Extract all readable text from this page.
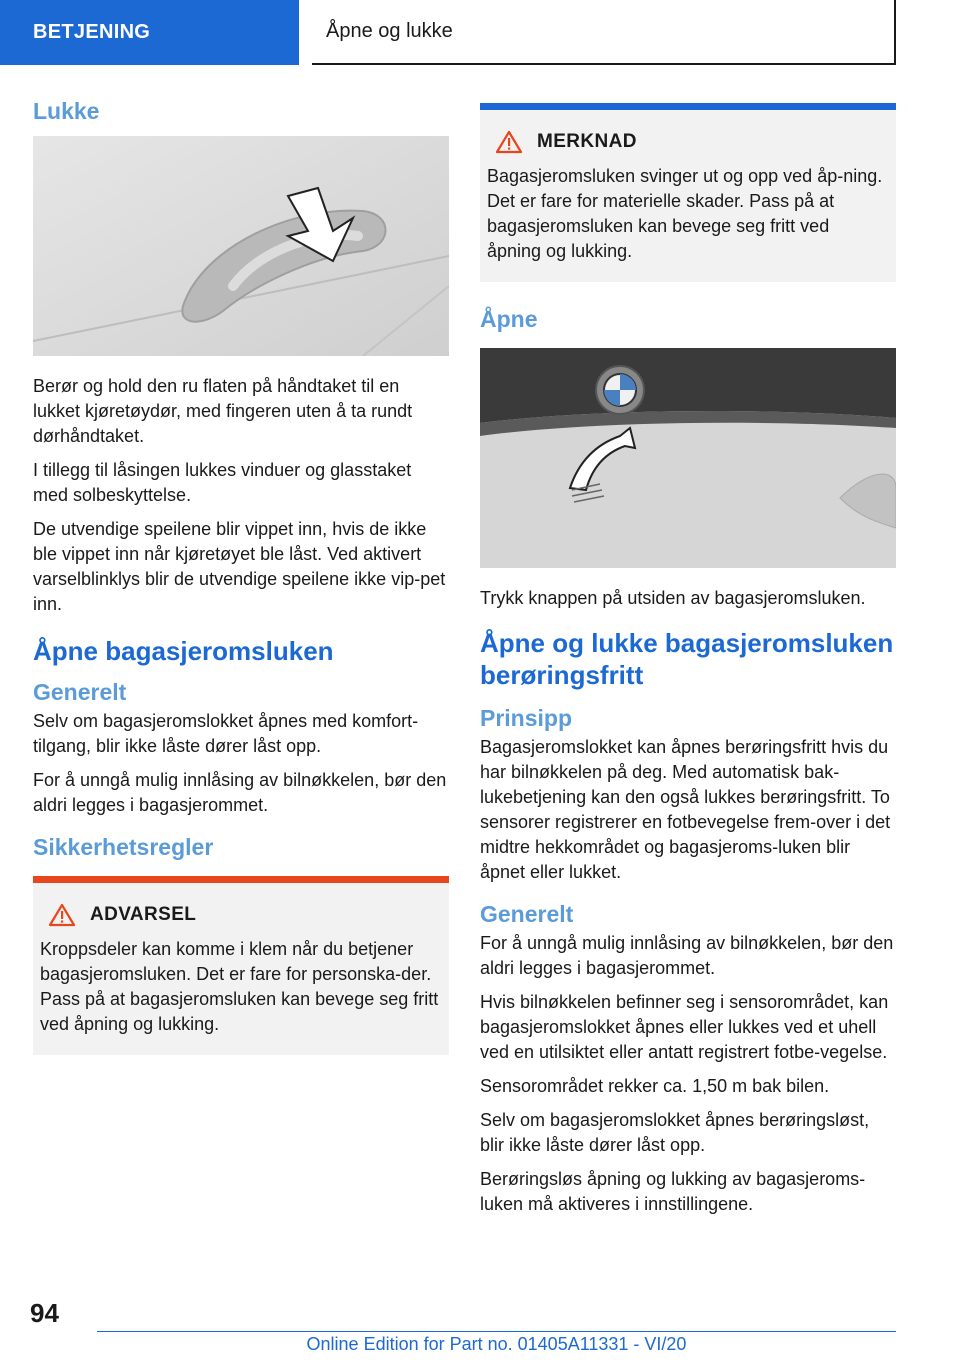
BETJENING	Åpne og lukke
Lukke

Berør og hold den ru flaten på håndtaket til en lukket kjøretøydør, med fingeren uten å ta rundt dørhåndtaket.

I tillegg til låsingen lukkes vinduer og glasstaket med solbeskyttelse.

De utvendige speilene blir vippet inn, hvis de ikke ble vippet inn når kjøretøyet ble låst. Ved aktivert varselblinklys blir de utvendige speilene ikke vip-pet inn.

Åpne bagasjeromsluken
Generelt

Selv om bagasjeromslokket åpnes med komfort-tilgang, blir ikke låste dører låst opp.

For å unngå mulig innlåsing av bilnøkkelen, bør den aldri legges i bagasjerommet.

Sikkerhetsregler
ADVARSEL

Kroppsdeler kan komme i klem når du betjener bagasjeromsluken. Det er fare for personska-der. Pass på at bagasjeromsluken kan bevege seg fritt ved åpning og lukking.

MERKNAD

Bagasjeromsluken svinger ut og opp ved åp-ning. Det er fare for materielle skader. Pass på at bagasjeromsluken kan bevege seg fritt ved åpning og lukking.

Åpne

Trykk knappen på utsiden av bagasjeromsluken.

Åpne og lukke bagasjeromsluken berøringsfritt
Prinsipp

Bagasjeromslokket kan åpnes berøringsfritt hvis du har bilnøkkelen på deg. Med automatisk bak-lukebetjening kan den også lukkes berøringsfritt. To sensorer registrerer en fotbevegelse frem-over i det midtre hekkområdet og bagasjeroms-luken blir åpnet eller lukket.

Generelt

For å unngå mulig innlåsing av bilnøkkelen, bør den aldri legges i bagasjerommet.

Hvis bilnøkkelen befinner seg i sensorområdet, kan bagasjeromslokket åpnes eller lukkes ved et uhell ved en utilsiktet eller antatt registrert fotbe-vegelse.

Sensorområdet rekker ca. 1,50 m bak bilen.

Selv om bagasjeromslokket åpnes berøringsløst, blir ikke låste dører låst opp.

Berøringsløs åpning og lukking av bagasjeroms-luken må aktiveres i innstillingene.

94
Online Edition for Part no. 01405A11331 - VI/20
